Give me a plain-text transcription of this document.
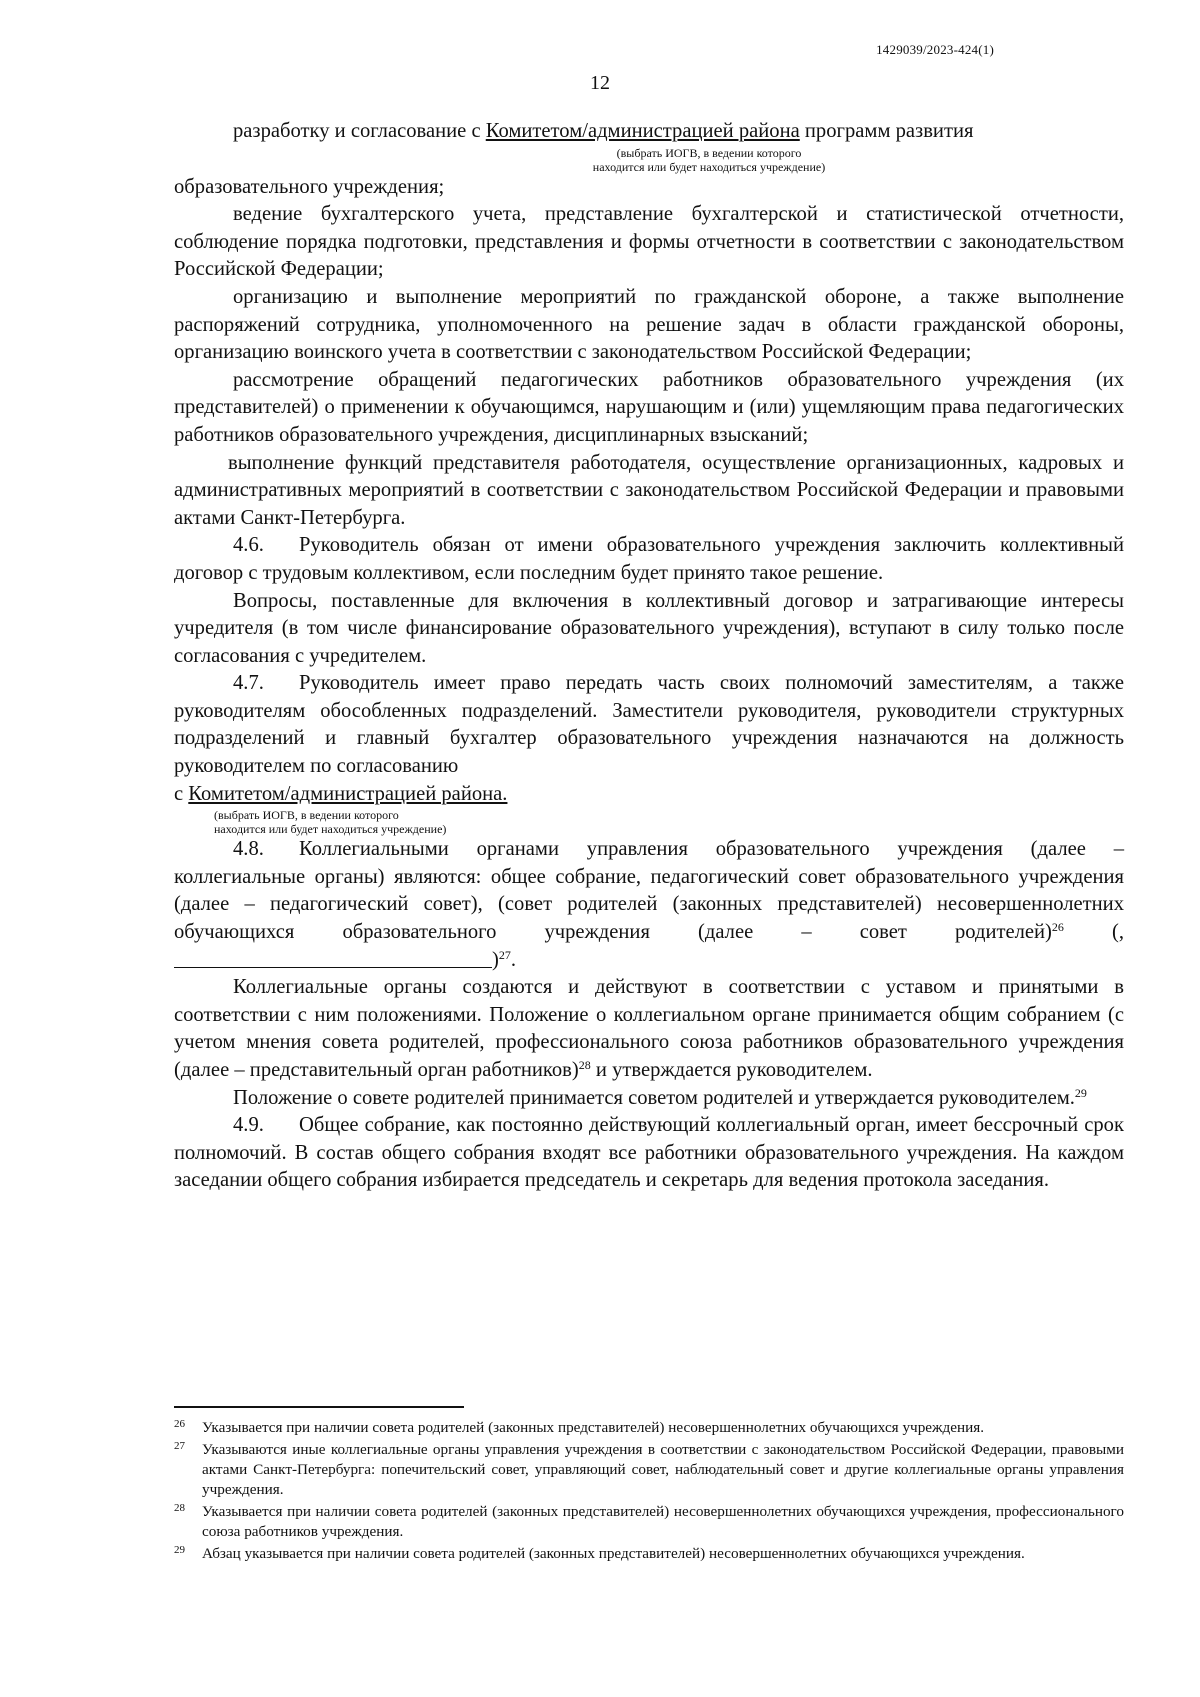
1429039/2023-424(1)
12

разработку и согласование с Комитетом/администрацией района программ развития

(выбрать ИОГВ, в ведении которого
находится или будет находиться учреждение)

образовательного учреждения;

ведение бухгалтерского учета, представление бухгалтерской и статистической отчетности, соблюдение порядка подготовки, представления и формы отчетности в соответствии с законодательством Российской Федерации;

организацию и выполнение мероприятий по гражданской обороне, а также выполнение распоряжений сотрудника, уполномоченного на решение задач в области гражданской обороны, организацию воинского учета в соответствии с законодательством Российской Федерации;

рассмотрение обращений педагогических работников образовательного учреждения (их представителей) о применении к обучающимся, нарушающим и (или) ущемляющим права педагогических работников образовательного учреждения, дисциплинарных взысканий;

выполнение функций представителя работодателя, осуществление организационных, кадровых и административных мероприятий в соответствии с законодательством Российской Федерации и правовыми актами Санкт-Петербурга.

4.6. Руководитель обязан от имени образовательного учреждения заключить коллективный договор с трудовым коллективом, если последним будет принято такое решение.

Вопросы, поставленные для включения в коллективный договор и затрагивающие интересы учредителя (в том числе финансирование образовательного учреждения), вступают в силу только после согласования с учредителем.

4.7. Руководитель имеет право передать часть своих полномочий заместителям, а также руководителям обособленных подразделений. Заместители руководителя, руководители структурных подразделений и главный бухгалтер образовательного учреждения назначаются на должность руководителем по согласованию

с Комитетом/администрацией района.

(выбрать ИОГВ, в ведении которого
находится или будет находиться учреждение)

4.8. Коллегиальными органами управления образовательного учреждения (далее – коллегиальные органы) являются: общее собрание, педагогический совет образовательного учреждения (далее – педагогический совет), (совет родителей (законных представителей) несовершеннолетних обучающихся образовательного учреждения (далее – совет родителей)$^{26}$ (,)$^{27}$.

Коллегиальные органы создаются и действуют в соответствии с уставом и принятыми в соответствии с ним положениями. Положение о коллегиальном органе принимается общим собранием (с учетом мнения совета родителей, профессионального союза работников образовательного учреждения (далее – представительный орган работников)$^{28}$ и утверждается руководителем.

Положение о совете родителей принимается советом родителей и утверждается руководителем.$^{29}$

4.9. Общее собрание, как постоянно действующий коллегиальный орган, имеет бессрочный срок полномочий. В состав общего собрания входят все работники образовательного учреждения. На каждом заседании общего собрания избирается председатель и секретарь для ведения протокола заседания.

26 Указывается при наличии совета родителей (законных представителей) несовершеннолетних обучающихся учреждения.

27 Указываются иные коллегиальные органы управления учреждения в соответствии с законодательством Российской Федерации, правовыми актами Санкт-Петербурга: попечительский совет, управляющий совет, наблюдательный совет и другие коллегиальные органы управления учреждения.

28 Указывается при наличии совета родителей (законных представителей) несовершеннолетних обучающихся учреждения, профессионального союза работников учреждения.

29 Абзац указывается при наличии совета родителей (законных представителей) несовершеннолетних обучающихся учреждения.
